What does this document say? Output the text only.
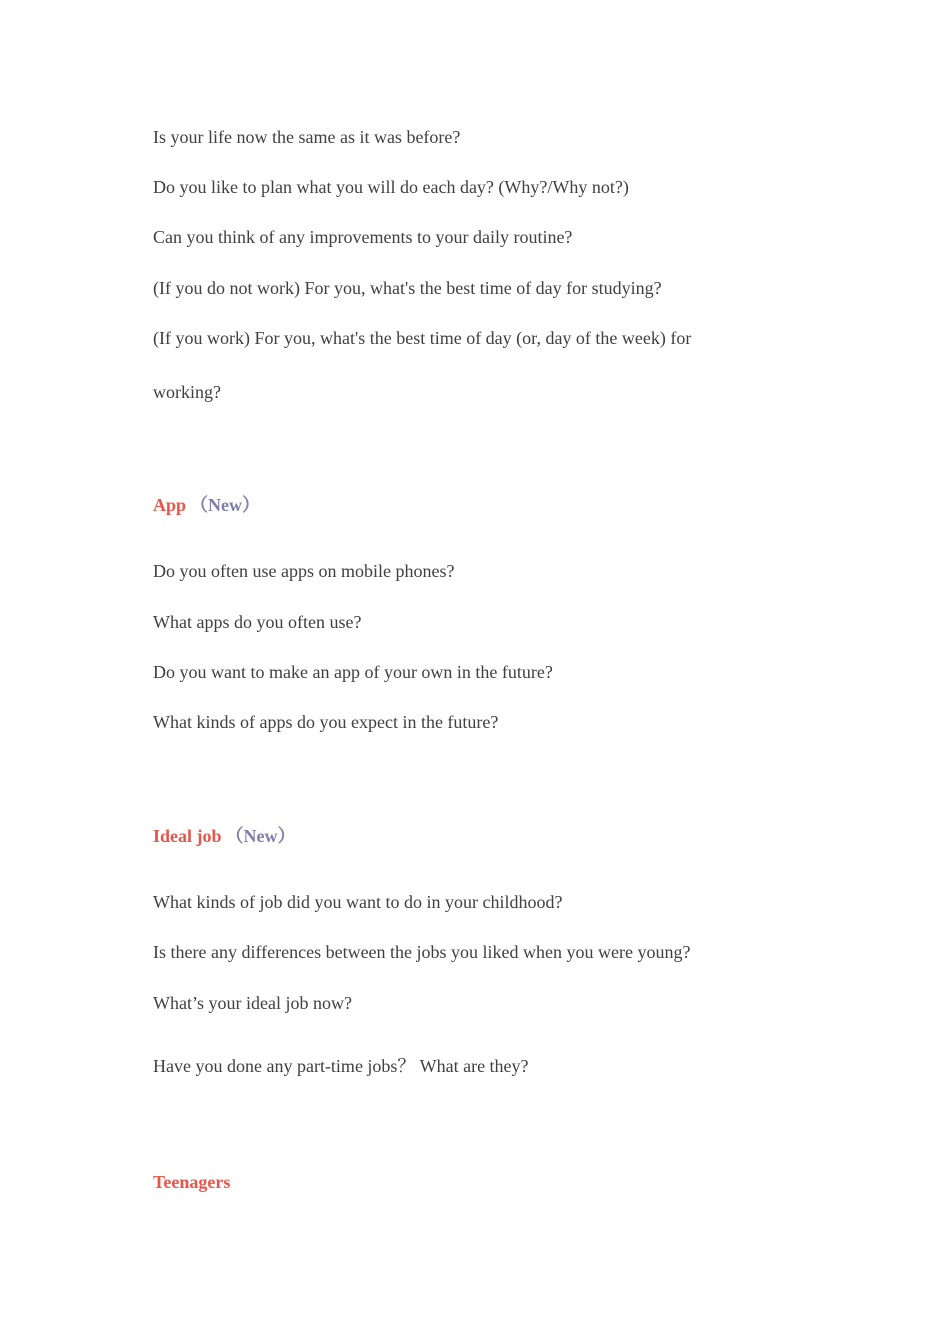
Is your life now the same as it was before?
Do you like to plan what you will do each day? (Why?/Why not?)
Can you think of any improvements to your daily routine?
(If you do not work) For you, what's the best time of day for studying?
(If you work) For you, what's the best time of day (or, day of the week) for
working?
App （New）
Do you often use apps on mobile phones?
What apps do you often use?
Do you want to make an app of your own in the future?
What kinds of apps do you expect in the future?
Ideal job （New）
What kinds of job did you want to do in your childhood?
Is there any differences between the jobs you liked when you were young?
What’s your ideal job now?
Have you done any part-time jobs？ What are they?
Teenagers
